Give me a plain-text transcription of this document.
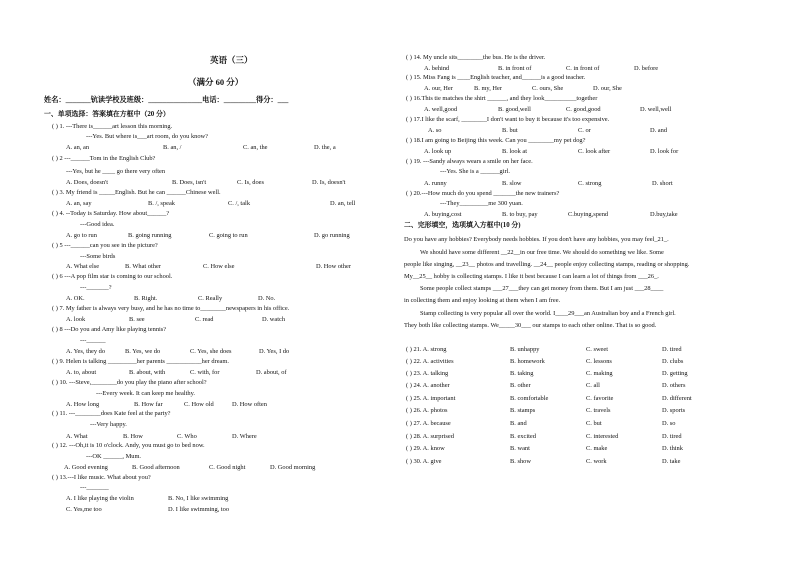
英语（三）
（满分 60 分）
姓名：_______钪读学校及班级：_______________电话：_________得分：___
一、单项选择：答案填在方框中（20 分）
( ) 1. ---There is______art lesson this morning.
---Yes. But where is___art room, do you know?
A. an, an	B. an, /	C. an, the	D. the, a
( ) 2 ---______Tom in the English Club?
---Yes, but he ____ go there very often
A. Does, doesn't	B. Does, isn't	C. Is, does	D. Is, doesn't
( ) 3. My friend is _____English. But he can ______Chinese well.
A. an, say	B. /, speak	C. /, talk	D. an, tell
( ) 4. --Today is Saturday. How about______?
---Good idea.
A. go to run	B. going running	C. going to run	D. go running
( ) 5 ---______can you see in the picture?
---Some birds
A. What else	B. What other	C. How else	D. How other
( ) 6 ---A pop film star is coming to our school.
---_______?
A. OK.	B. Right.	C. Really	D. No.
( ) 7. My father is always very busy, and he has no time to________newspapers in his office.
A. look	B. see	C. read	D. watch
( ) 8 ---Do you and Amy like playing tennis?
---______
A. Yes, they do	B. Yes, we do	C. Yes, she does	D. Yes, I do
( ) 9. Helen is talking _________her parents ___________her dream.
A. to, about	B. about, with	C. with, for	D. about, of
( ) 10. ---Steve,________do you play the piano after school?
---Every week. It can keep me healthy.
A. How long	B. How far	C. How old	D. How often
( ) 11. ---________does Kate feel at the party?
---Very happy.
A. What	B. How	C. Who	D. Where
( ) 12. ---Oh,it is 10 o'clock. Andy, you must go to bed now.
---OK ______, Mum.
A. Good evening	B. Good afternoon	C. Good night	D. Good morning
( ) 13.---I like music. What about you?
---_______
A. I like playing the violin	B. No, I like swimming
C. Yes,me too	D. I like swimming, too
( ) 14. My uncle sits________the bus. He is the driver.
A. behind	B. in front of	C. in front of	D. before
( ) 15. Miss Fang is ____English teacher, and______is a good teacher.
A. our, Her	B. my, Her	C. ours, She	D. our, She
( ) 16.This tie matches the shirt ______, and they look__________together
A. well,good	B. good,well	C. good,good	D. well,well
( ) 17.I like the scarf, ________I don't want to buy it because it's too expensive.
A. so	B. but	C. or	D. and
( ) 18.I am going to Beijing this week. Can you ________my pet dog?
A. look up	B. look at	C. look after	D. look for
( ) 19. ---Sandy always wears a smile on her face.
---Yes. She is a ______girl.
A. runny	B. slow	C. strong	D. short
( ) 20.---How much do you spend _______the new trainers?
---They_________me 300 yuan.
A. buying,cost	B. to buy, pay	C.buying,spend	D.buy,take
二、完形填空，选项填入方框中(10 分)
Do you have any hobbies? Everybody needs hobbies. If you don't have any hobbies, you may feel_21_.
We should have some different __22__in our free time. We should do something we like. Some
people like singing, __23__ photos and travelling. __24__ people enjoy collecting stamps, reading or shopping.
My__25__ hobby is collecting stamps. I like it best because I can learn a lot of things from ___26_.
Some people collect stamps ___27___they can get money from them. But I am just ___28____
in collecting them and enjoy looking at them when I am free.
Stamp collecting is very popular all over the world. I____29___an Australian boy and a French girl.
They both like collecting stamps. We_____30___ our stamps to each other online. That is so good.
( ) 21. A. strong	B. unhappy	C. sweet	D. tired
( ) 22. A. activities	B. homework	C. lessons	D. clubs
( ) 23. A. talking	B. taking	C. making	D. getting
( ) 24. A. another	B. other	C. all	D. others
( ) 25. A. important	B. comfortable	C. favorite	D. different
( ) 26. A. photos	B. stamps	C. travels	D. sports
( ) 27. A. because	B. and	C. but	D. so
( ) 28. A. surprised	B. excited	C. interested	D. tired
( ) 29. A. know	B. want	C. make	D. think
( ) 30. A. give	B. show	C. work	D. take
